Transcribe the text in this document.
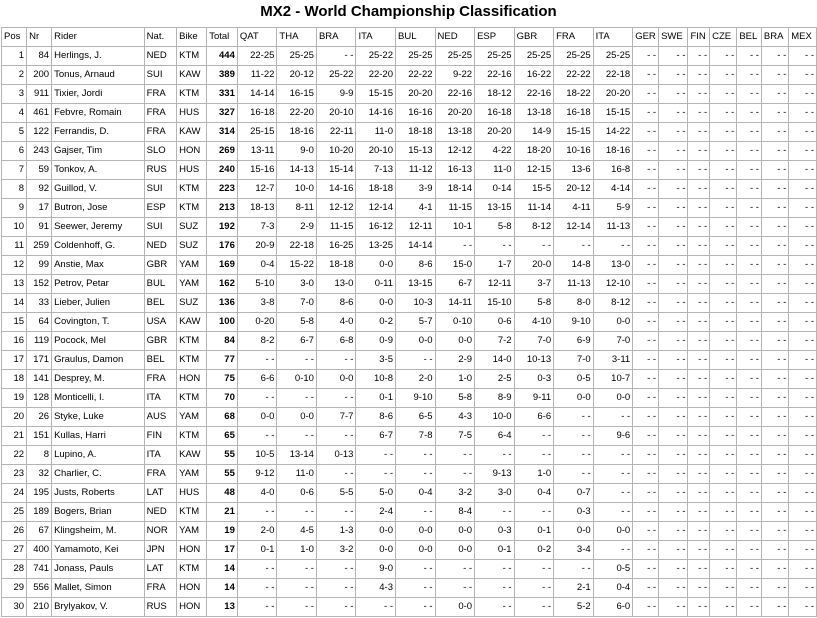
MX2 - World Championship Classification
Pos	Nr	Rider	Nat.	Bike	Total	QAT	THA	BRA	ITA	BUL	NED	ESP	GBR	FRA	ITA	GER	SWE	FIN	CZE	BEL	BRA	MEX
1	84	Herlings, J.	NED	KTM	444	22-25	25-25	- -	25-22	25-25	25-25	25-25	25-25	25-25	25-25	- -	- -	- -	- -	- -	- -	- -
2	200	Tonus, Arnaud	SUI	KAW	389	11-22	20-12	25-22	22-20	22-22	9-22	22-16	16-22	22-22	22-18	- -	- -	- -	- -	- -	- -	- -
3	911	Tixier, Jordi	FRA	KTM	331	14-14	16-15	9-9	15-15	20-20	22-16	18-12	22-16	18-22	20-20	- -	- -	- -	- -	- -	- -	- -
4	461	Febvre, Romain	FRA	HUS	327	16-18	22-20	20-10	14-16	16-16	20-20	16-18	13-18	16-18	15-15	- -	- -	- -	- -	- -	- -	- -
5	122	Ferrandis, D.	FRA	KAW	314	25-15	18-16	22-11	11-0	18-18	13-18	20-20	14-9	15-15	14-22	- -	- -	- -	- -	- -	- -	- -
6	243	Gajser, Tim	SLO	HON	269	13-11	9-0	10-20	20-10	15-13	12-12	4-22	18-20	10-16	18-16	- -	- -	- -	- -	- -	- -	- -
7	59	Tonkov, A.	RUS	HUS	240	15-16	14-13	15-14	7-13	11-12	16-13	11-0	12-15	13-6	16-8	- -	- -	- -	- -	- -	- -	- -
8	92	Guillod, V.	SUI	KTM	223	12-7	10-0	14-16	18-18	3-9	18-14	0-14	15-5	20-12	4-14	- -	- -	- -	- -	- -	- -	- -
9	17	Butron, Jose	ESP	KTM	213	18-13	8-11	12-12	12-14	4-1	11-15	13-15	11-14	4-11	5-9	- -	- -	- -	- -	- -	- -	- -
10	91	Seewer, Jeremy	SUI	SUZ	192	7-3	2-9	11-15	16-12	12-11	10-1	5-8	8-12	12-14	11-13	- -	- -	- -	- -	- -	- -	- -
11	259	Coldenhoff, G.	NED	SUZ	176	20-9	22-18	16-25	13-25	14-14	- -	- -	- -	- -	- -	- -	- -	- -	- -	- -	- -	- -
12	99	Anstie, Max	GBR	YAM	169	0-4	15-22	18-18	0-0	8-6	15-0	1-7	20-0	14-8	13-0	- -	- -	- -	- -	- -	- -	- -
13	152	Petrov, Petar	BUL	YAM	162	5-10	3-0	13-0	0-11	13-15	6-7	12-11	3-7	11-13	12-10	- -	- -	- -	- -	- -	- -	- -
14	33	Lieber, Julien	BEL	SUZ	136	3-8	7-0	8-6	0-0	10-3	14-11	15-10	5-8	8-0	8-12	- -	- -	- -	- -	- -	- -	- -
15	64	Covington, T.	USA	KAW	100	0-20	5-8	4-0	0-2	5-7	0-10	0-6	4-10	9-10	0-0	- -	- -	- -	- -	- -	- -	- -
16	119	Pocock, Mel	GBR	KTM	84	8-2	6-7	6-8	0-9	0-0	0-0	7-2	7-0	6-9	7-0	- -	- -	- -	- -	- -	- -	- -
17	171	Graulus, Damon	BEL	KTM	77	- -	- -	- -	3-5	- -	2-9	14-0	10-13	7-0	3-11	- -	- -	- -	- -	- -	- -	- -
18	141	Desprey, M.	FRA	HON	75	6-6	0-10	0-0	10-8	2-0	1-0	2-5	0-3	0-5	10-7	- -	- -	- -	- -	- -	- -	- -
19	128	Monticelli, I.	ITA	KTM	70	- -	- -	- -	0-1	9-10	5-8	8-9	9-11	0-0	0-0	- -	- -	- -	- -	- -	- -	- -
20	26	Styke, Luke	AUS	YAM	68	0-0	0-0	7-7	8-6	6-5	4-3	10-0	6-6	- -	- -	- -	- -	- -	- -	- -	- -	- -
21	151	Kullas, Harri	FIN	KTM	65	- -	- -	- -	6-7	7-8	7-5	6-4	- -	- -	9-6	- -	- -	- -	- -	- -	- -	- -
22	8	Lupino, A.	ITA	KAW	55	10-5	13-14	0-13	- -	- -	- -	- -	- -	- -	- -	- -	- -	- -	- -	- -	- -	- -
23	32	Charlier, C.	FRA	YAM	55	9-12	11-0	- -	- -	- -	- -	9-13	1-0	- -	- -	- -	- -	- -	- -	- -	- -	- -
24	195	Justs, Roberts	LAT	HUS	48	4-0	0-6	5-5	5-0	0-4	3-2	3-0	0-4	0-7	- -	- -	- -	- -	- -	- -	- -	- -
25	189	Bogers, Brian	NED	KTM	21	- -	- -	- -	2-4	- -	8-4	- -	- -	0-3	- -	- -	- -	- -	- -	- -	- -	- -
26	67	Klingsheim, M.	NOR	YAM	19	2-0	4-5	1-3	0-0	0-0	0-0	0-3	0-1	0-0	0-0	- -	- -	- -	- -	- -	- -	- -
27	400	Yamamoto, Kei	JPN	HON	17	0-1	1-0	3-2	0-0	0-0	0-0	0-1	0-2	3-4	- -	- -	- -	- -	- -	- -	- -	- -
28	741	Jonass, Pauls	LAT	KTM	14	- -	- -	- -	9-0	- -	- -	- -	- -	- -	0-5	- -	- -	- -	- -	- -	- -	- -
29	556	Mallet, Simon	FRA	HON	14	- -	- -	- -	4-3	- -	- -	- -	- -	2-1	0-4	- -	- -	- -	- -	- -	- -	- -
30	210	Brylyakov, V.	RUS	HON	13	- -	- -	- -	- -	- -	0-0	- -	- -	5-2	6-0	- -	- -	- -	- -	- -	- -	- -
